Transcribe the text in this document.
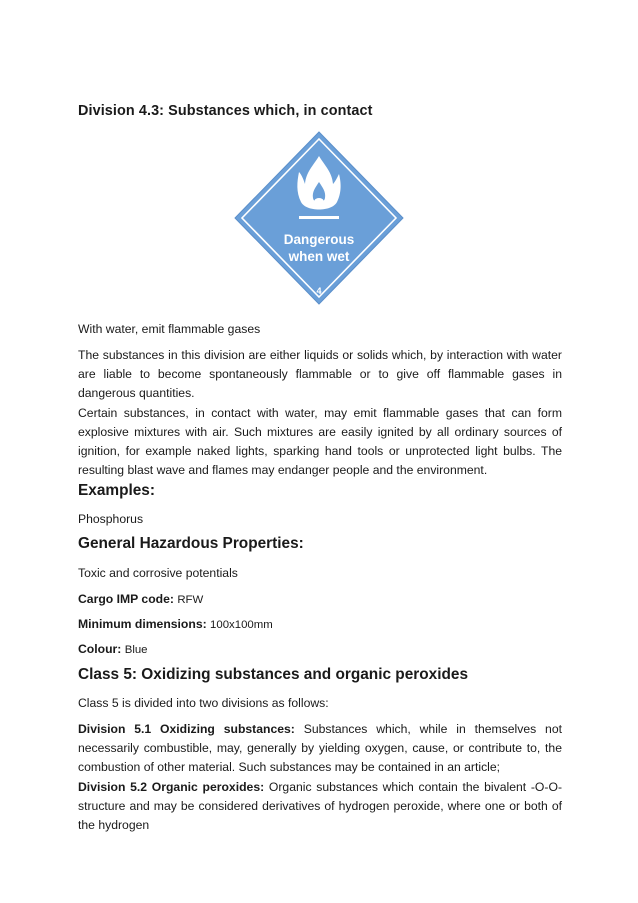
Division 4.3: Substances which, in contact
Dangerous
when wet
4

With water, emit flammable gases

The substances in this division are either liquids or solids which, by interaction with water are liable to become spontaneously flammable or to give off flammable gases in dangerous quantities.

Certain substances, in contact with water, may emit flammable gases that can form explosive mixtures with air. Such mixtures are easily ignited by all ordinary sources of ignition, for example naked lights, sparking hand tools or unprotected light bulbs. The resulting blast wave and flames may endanger people and the environment.

Examples:

Phosphorus

General Hazardous Properties:

Toxic and corrosive potentials

Cargo IMP code: RFW

Minimum dimensions: 100x100mm

Colour: Blue

Class 5: Oxidizing substances and organic peroxides

Class 5 is divided into two divisions as follows:

Division 5.1 Oxidizing substances: Substances which, while in themselves not necessarily combustible, may, generally by yielding oxygen, cause, or contribute to, the combustion of other material. Such substances may be contained in an article;

Division 5.2 Organic peroxides: Organic substances which contain the bivalent -O-O-structure and may be considered derivatives of hydrogen peroxide, where one or both of the hydrogen
